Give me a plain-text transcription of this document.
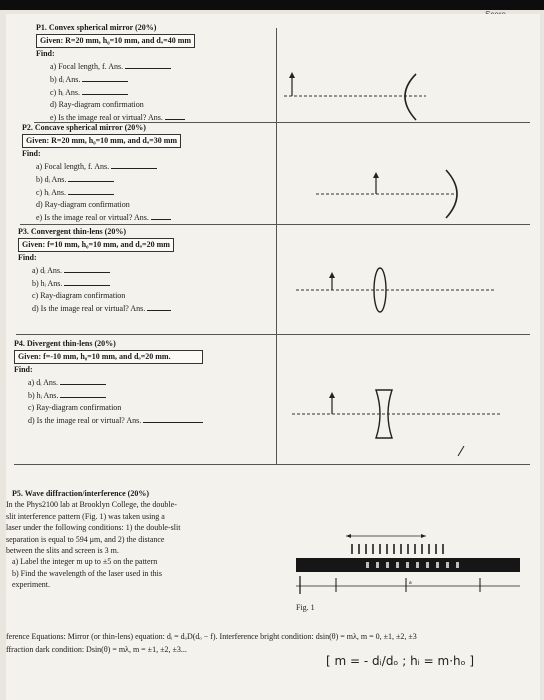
P1. Convex spherical mirror (20%)
Given: R=20 mm, h₀=10 mm, and dₒ=40 mm
Find:
a) Focal length, f. Ans.
b) dᵢ Ans.
c) hᵢ Ans.
d) Ray-diagram confirmation
e) Is the image real or virtual? Ans.
P2. Concave spherical mirror (20%)
Given: R=20 mm, h₀=10 mm, and dₒ=30 mm
Find:
a) Focal length, f. Ans.
b) dᵢ Ans.
c) hᵢ Ans.
d) Ray-diagram confirmation
e) Is the image real or virtual? Ans.
P3. Convergent thin-lens (20%)
Given: f=10 mm, h₀=10 mm, and dₒ=20 mm
Find:
a) dᵢ Ans.
b) hᵢ Ans.
c) Ray-diagram confirmation
d) Is the image real or virtual? Ans.
P4. Divergent thin-lens (20%)
Given: f=-10 mm, h₀=10 mm, and dₒ=20 mm.
Find:
a) dᵢ Ans.
b) hᵢ Ans.
c) Ray-diagram confirmation
d) Is the image real or virtual? Ans.
P5. Wave diffraction/interference (20%)
In the Phys2100 lab at Brooklyn College, the double-
slit interference pattern (Fig. 1) was taken using a
laser under the following conditions: 1) the double-slit
separation is equal to 594 μm, and 2) the distance
between the slits and screen is 3 m.
a) Label the integer m up to ±5 on the pattern
b) Find the wavelength of the laser used in this
experiment.	a
Fig. 1
ference Equations: Mirror (or thin-lens) equation: dᵢ = dₒD(dₒ − f). Interference bright condition: dsin(θ) = mλ, m = 0, ±1, ±2, ±3
ffraction dark condition: Dsin(θ) = mλ, m = ±1, ±2, ±3...
[ m = - dᵢ/dₒ ; hᵢ = m·hₒ ]
